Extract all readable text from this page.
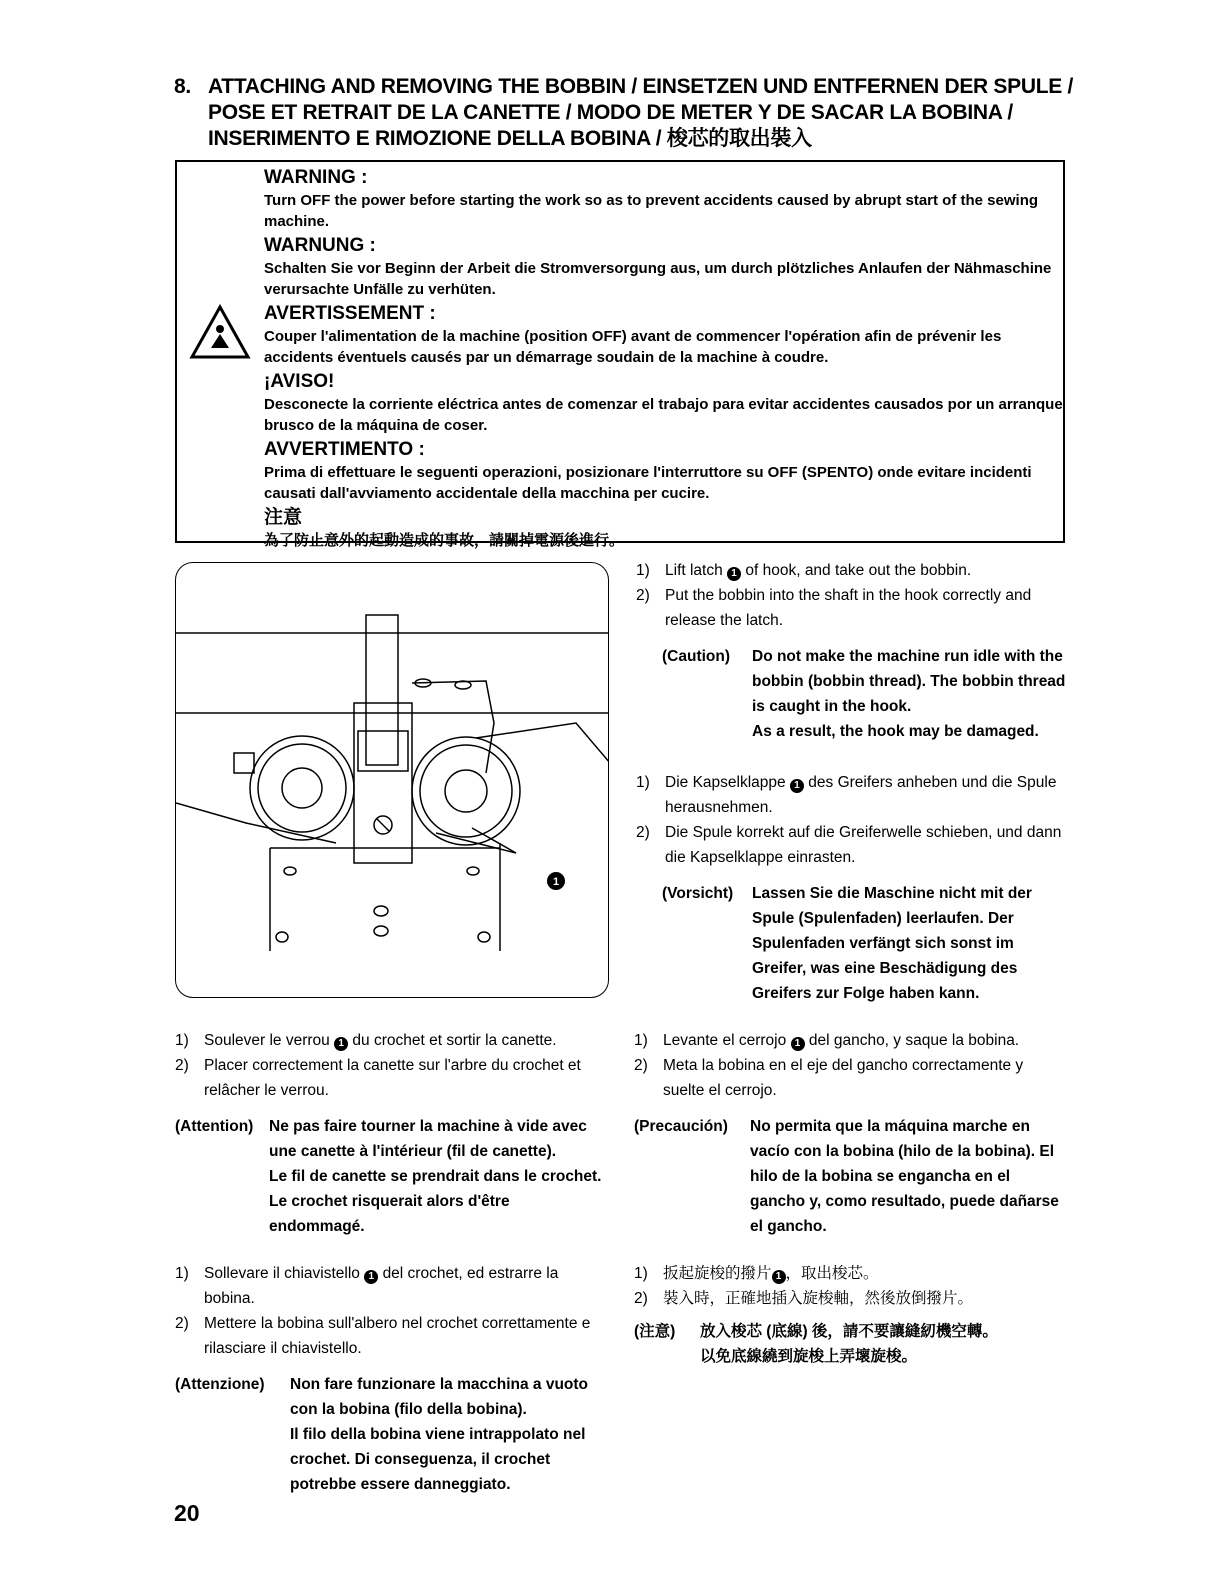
8. ATTACHING AND REMOVING THE BOBBIN / EINSETZEN UND ENTFERNEN DER SPULE /
POSE ET RETRAIT DE LA CANETTE / MODO DE METER Y DE SACAR LA BOBINA /
INSERIMENTO E RIMOZIONE DELLA BOBINA / 梭芯的取出裝入
WARNING :
Turn OFF the power before starting the work so as to prevent accidents caused by abrupt start of the sewing machine.
WARNUNG :
Schalten Sie vor Beginn der Arbeit die Stromversorgung aus, um durch plötzliches Anlaufen der Nähmaschine verursachte Unfälle zu verhüten.
AVERTISSEMENT :
Couper l'alimentation de la machine (position OFF) avant de commencer l'opération afin de prévenir les accidents éventuels causés par un démarrage soudain de la machine à coudre.
¡AVISO!
Desconecte la corriente eléctrica antes de comenzar el trabajo para evitar accidentes causados por un arranque brusco de la máquina de coser.
AVVERTIMENTO :
Prima di effettuare le seguenti operazioni, posizionare l'interruttore su OFF (SPENTO) onde evitare incidenti causati dall'avviamento accidentale della macchina per cucire.
注意
為了防止意外的起動造成的事故，請關掉電源後進行。
1
1) Lift latch 1 of hook, and take out the bobbin.
2) Put the bobbin into the shaft in the hook correctly and release the latch.
(Caution) Do not make the machine run idle with the bobbin (bobbin thread). The bobbin thread is caught in the hook.
As a result, the hook may be damaged.
1) Die Kapselklappe 1 des Greifers anheben und die Spule herausnehmen.
2) Die Spule korrekt auf die Greiferwelle schieben, und dann die Kapselklappe einrasten.
(Vorsicht) Lassen Sie die Maschine nicht mit der Spule (Spulenfaden) leerlaufen. Der Spulenfaden verfängt sich sonst im Greifer, was eine Beschädigung des Greifers zur Folge haben kann.
1) Soulever le verrou 1 du crochet et sortir la canette.
2) Placer correctement la canette sur l'arbre du crochet et relâcher le verrou.
(Attention) Ne pas faire tourner la machine à vide avec une canette à l'intérieur (fil de canette).
Le fil de canette se prendrait dans le crochet.
Le crochet risquerait alors d'être endommagé.
1) Levante el cerrojo 1 del gancho, y saque la bobina.
2) Meta la bobina en el eje del gancho correctamente y suelte el cerrojo.
(Precaución) No permita que la máquina marche en vacío con la bobina (hilo de la bobina). El hilo de la bobina se engancha en el gancho y, como resultado, puede dañarse el gancho.
1) Sollevare il chiavistello 1 del crochet, ed estrarre la bobina.
2) Mettere la bobina sull'albero nel crochet correttamente e rilasciare il chiavistello.
(Attenzione) Non fare funzionare la macchina a vuoto con la bobina (filo della bobina).
Il filo della bobina viene intrappolato nel crochet. Di conseguenza, il crochet potrebbe essere danneggiato.
1) 扳起旋梭的撥片 1 ，取出梭芯。
2) 裝入時，正確地插入旋梭軸，然後放倒撥片。
(注意) 放入梭芯 (底線) 後，請不要讓縫紉機空轉。
以免底線繞到旋梭上弄壞旋梭。
20
